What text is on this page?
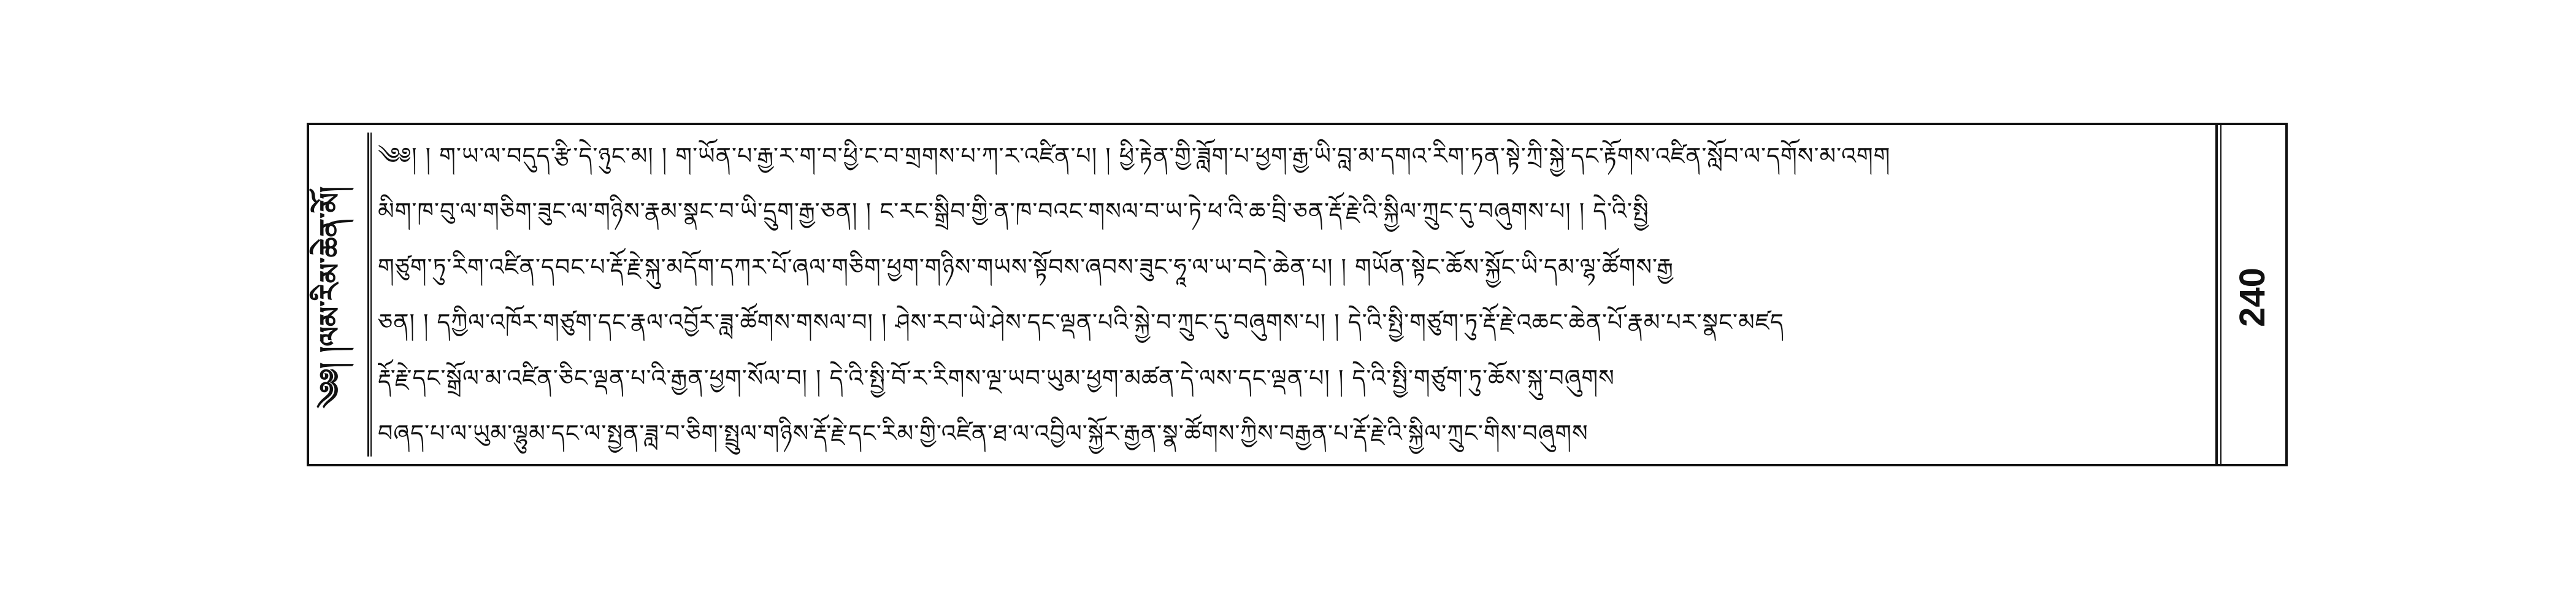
༄༅། །ལམ་རིམ་ཆེན་མོ།
༄༅། ། ག་ཡ་ལ་བདུད་རྩི་དེ་ཉུང་མ། ། ག་ཡོན་པ་རྒྱ་ར་ག་བ་ཕྱི་ང་བ་གྲགས་པ་ཀ་ར་འཛིན་པ། ། ཕྱི་རྟེན་གྱི་ཟློག་པ་ཕྱག་རྒྱ་ཡི་བླ་མ་དགའ་རིག་ཏན་སྟེ་ཀྲི་སྐྱེ་དང་རྟོགས་འཛིན་སློབ་ལ་དགོས་མ་འགག
མིག་ཁ་བུ་ལ་གཅིག་ཟུང་ལ་གཉིས་རྣམ་སྣང་བ་ཡི་དྲུག་རྒྱ་ཅན། ། ང་རང་སྒྲིབ་གྱི་ན་ཁ་བའང་གསལ་བ་ཡ་ཏེ་ཕ་འི་ཆ་བྲི་ཅན་རྡོ་རྗེ་འི་སྐྱིལ་ཀྲུང་དུ་བཞུགས་པ། ། དེ་འི་སྤྱི
གཙུག་ཏུ་རིག་འཛིན་དབང་པ་རྡོ་རྗེ་སྐུ་མདོག་དཀར་པོ་ཞལ་གཅིག་ཕྱག་གཉིས་གཡས་སྟོབས་ཞབས་ཟུང་ཧཱ་ལ་ཡ་བདེ་ཆེན་པ། ། གཡོན་སྟེང་ཆོས་སྐྱོང་ཡི་དམ་ལྷ་ཚོགས་རྒྱ
ཅན། ། དཀྱིལ་འཁོར་གཙུག་དང་རྣལ་འབྱོར་ཟླ་ཚོགས་གསལ་བ། ། ཤེས་རབ་ཡེ་ཤེས་དང་ལྡན་པའི་སྐྱེ་བ་ཀྲུང་དུ་བཞུགས་པ། ། དེ་འི་སྤྱི་གཙུག་ཏུ་རྡོ་རྗེ་འཆང་ཆེན་པོ་རྣམ་པར་སྣང་མཛད
རྡོ་རྗེ་དང་སྒྲོལ་མ་འཛིན་ཅིང་ལྡན་པ་འི་རྒྱན་ཕྱག་སོལ་བ། ། དེ་འི་སྤྱི་བོ་ར་རིགས་ལྔ་ཡབ་ཡུམ་ཕྱག་མཚན་དེ་ལས་དང་ལྡན་པ། ། དེ་འི་སྤྱི་གཙུག་ཏུ་ཆོས་སྐུ་བཞུགས
བཞད་པ་ལ་ཡུམ་ལྷུམ་དང་ལ་སྤྱན་ཟླ་བ་ཅིག་སྤྲུལ་གཉིས་རྡོ་རྗེ་དང་རིམ་གྱི་འཛིན་ཐ་ལ་འབྱིལ་སྐྱོར་རྒྱན་སྣ་ཚོགས་ཀྱིས་བརྒྱན་པ་རྡོ་རྗེ་འི་སྐྱིལ་ཀྲུང་གིས་བཞུགས
240
